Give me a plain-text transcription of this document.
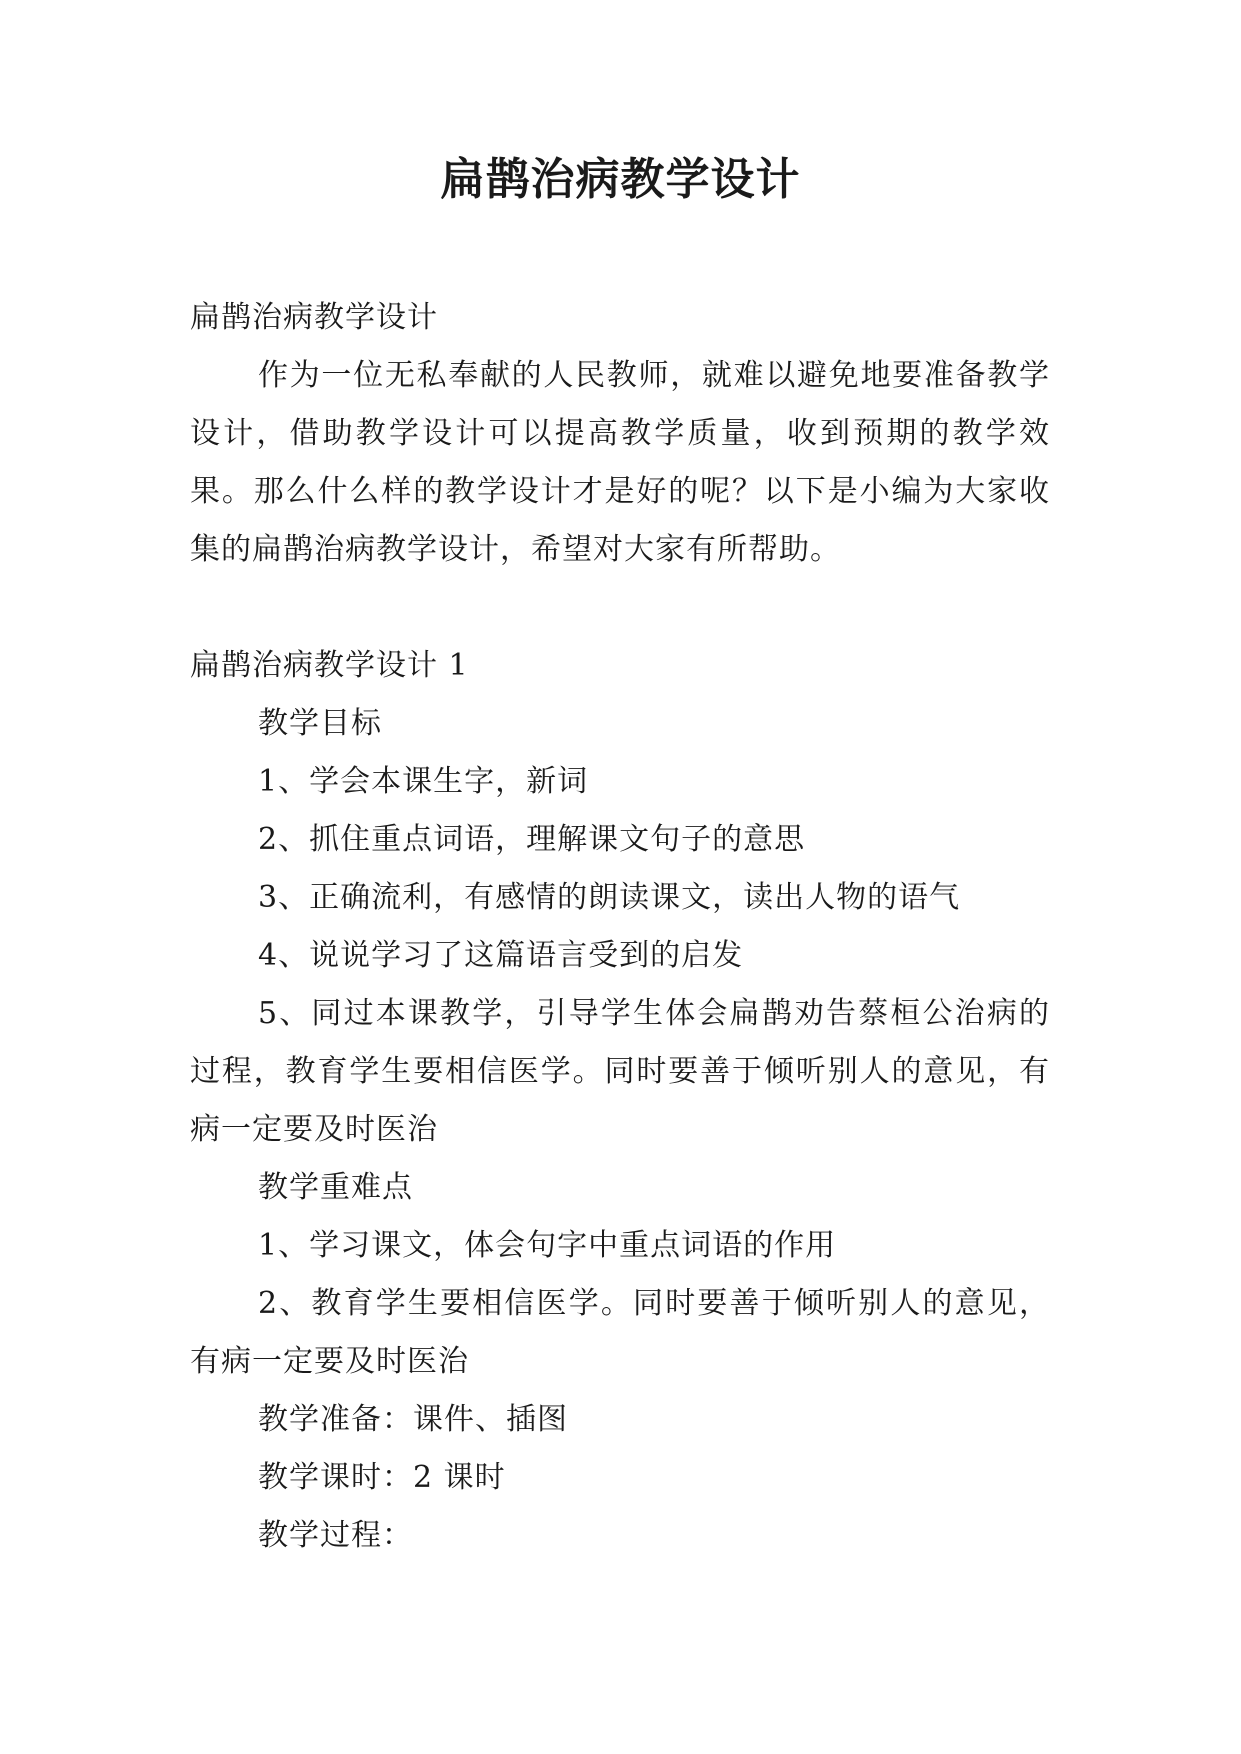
扁鹊治病教学设计

扁鹊治病教学设计

作为一位无私奉献的人民教师，就难以避免地要准备教学设计，借助教学设计可以提高教学质量，收到预期的教学效果。那么什么样的教学设计才是好的呢？以下是小编为大家收集的扁鹊治病教学设计，希望对大家有所帮助。

扁鹊治病教学设计 1

教学目标

1、学会本课生字，新词

2、抓住重点词语，理解课文句子的意思

3、正确流利，有感情的朗读课文，读出人物的语气

4、说说学习了这篇语言受到的启发

5、同过本课教学，引导学生体会扁鹊劝告蔡桓公治病的过程，教育学生要相信医学。同时要善于倾听别人的意见，有病一定要及时医治

教学重难点

1、学习课文，体会句字中重点词语的作用

2、教育学生要相信医学。同时要善于倾听别人的意见，有病一定要及时医治

教学准备：课件、插图

教学课时：2 课时

教学过程：
